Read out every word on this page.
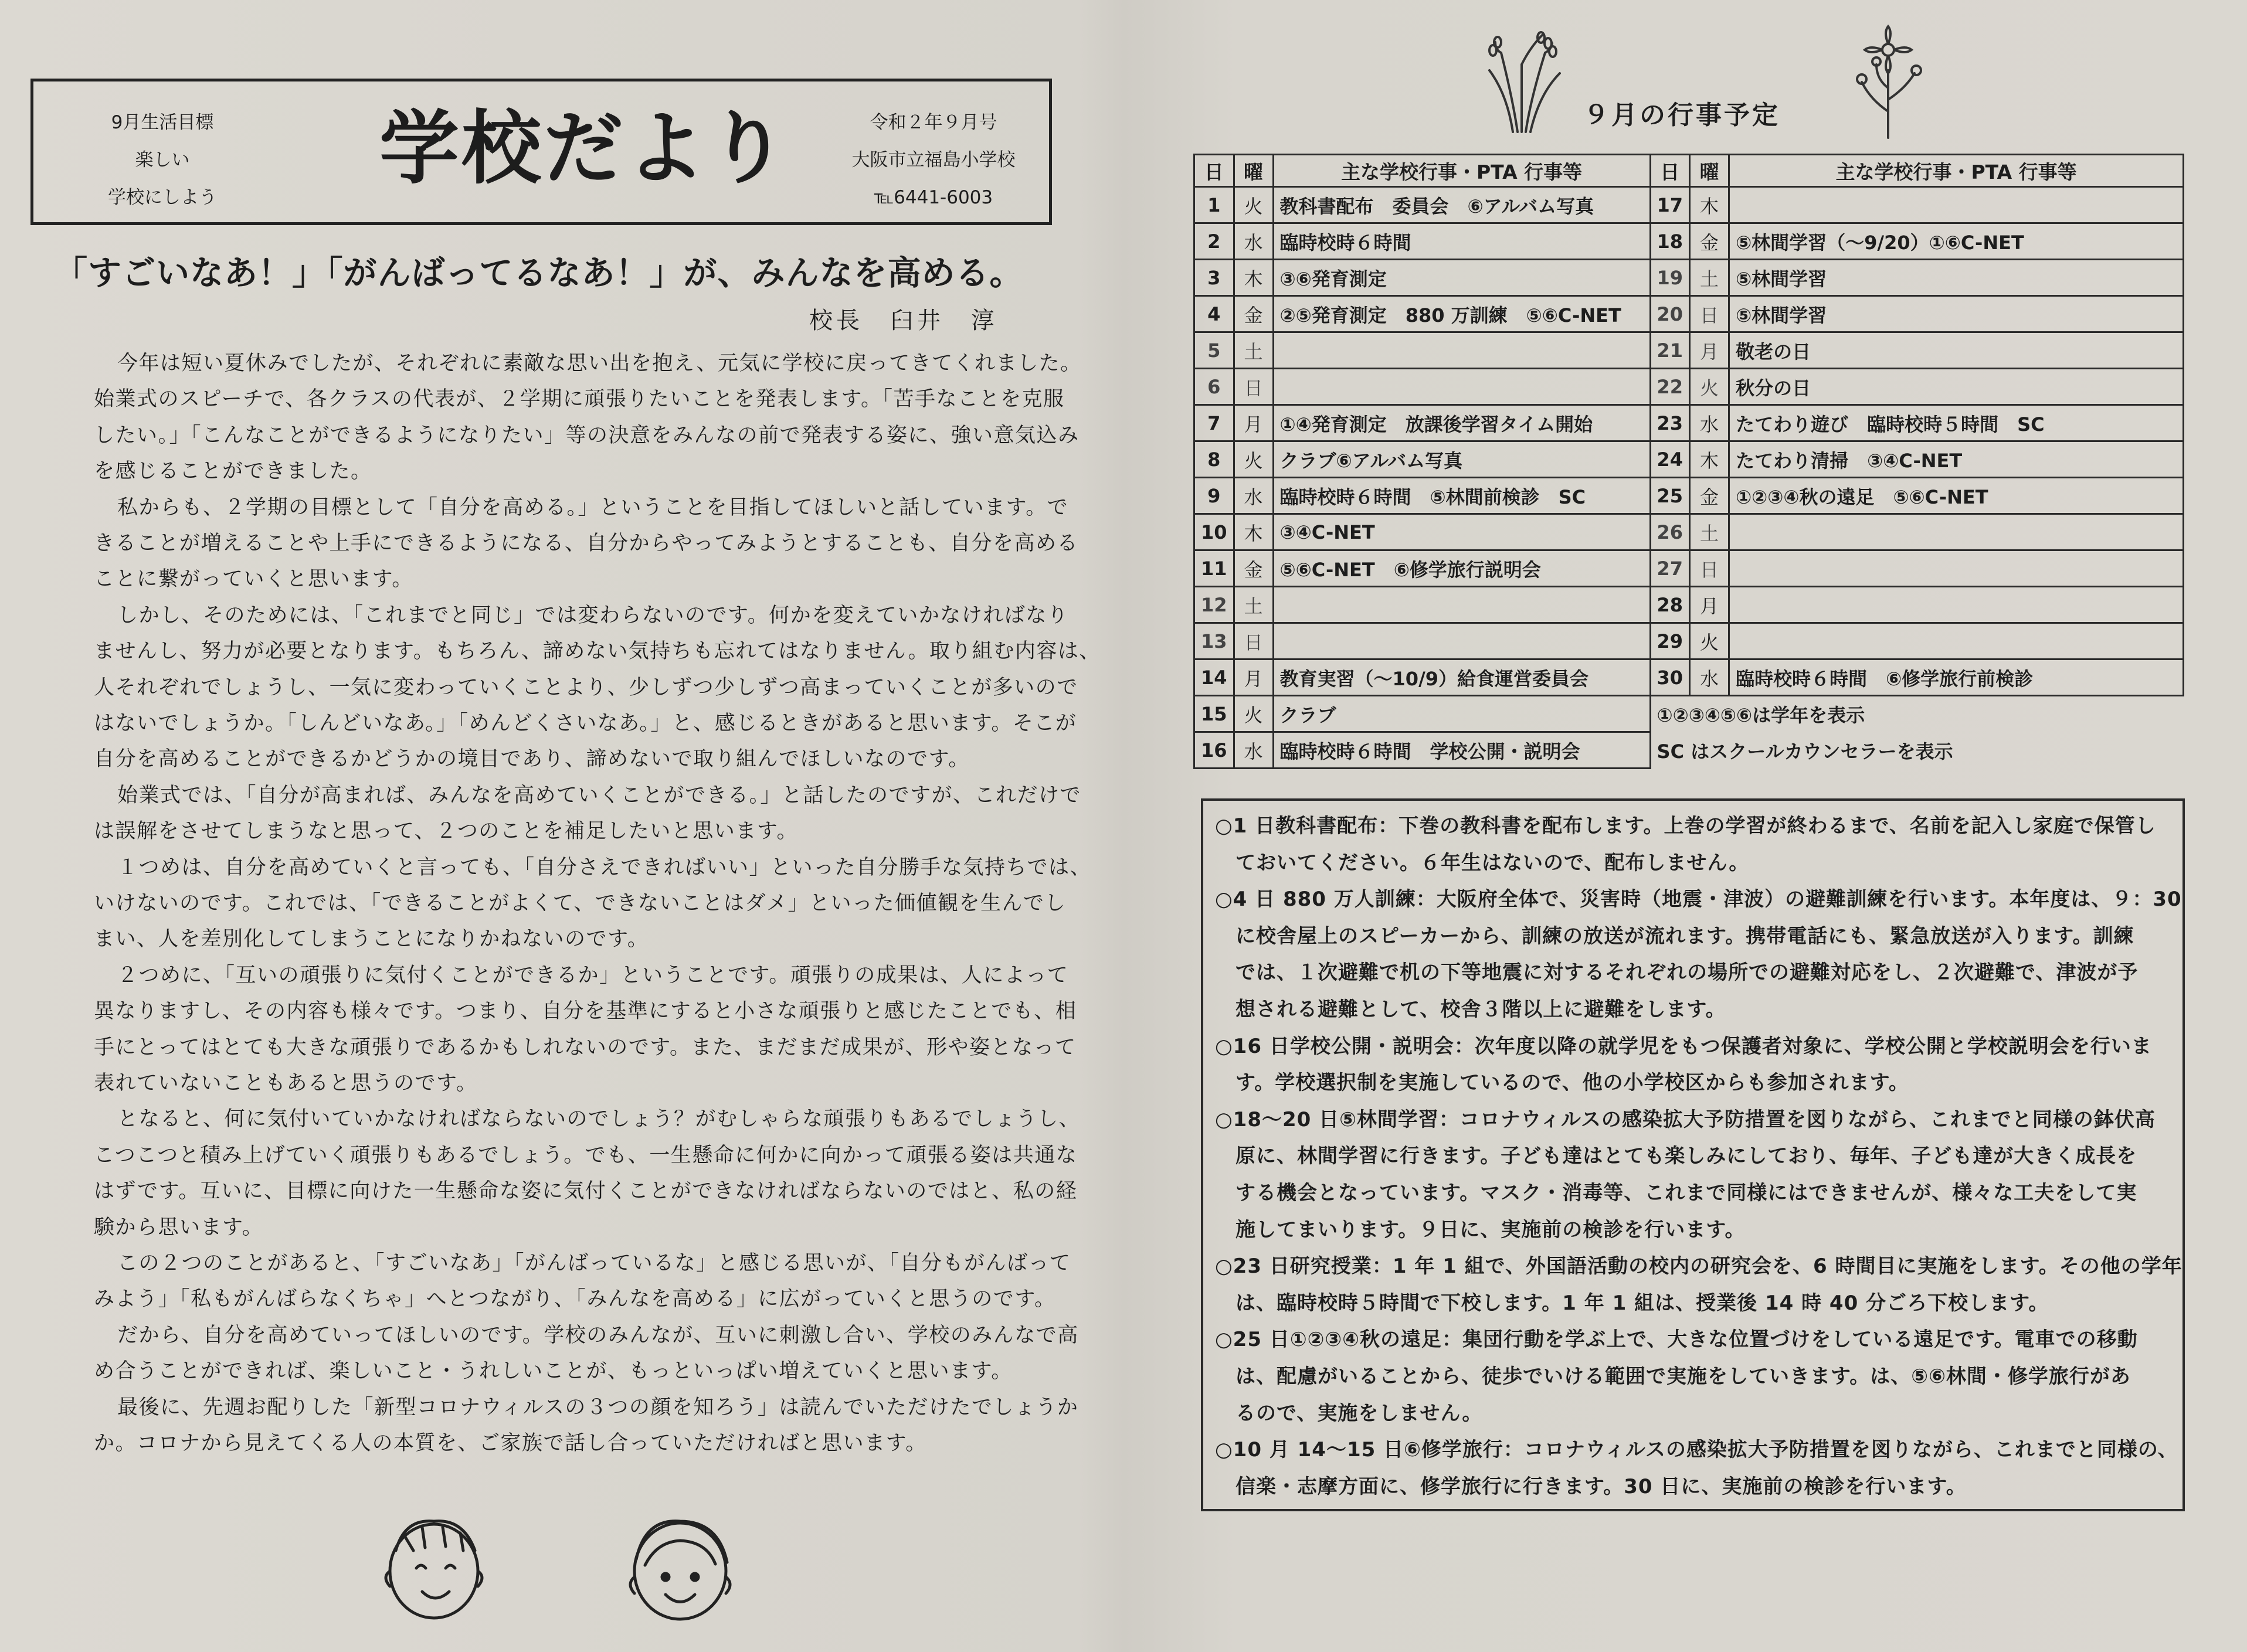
9月生活目標
楽しい
学校にしよう
学校だより	令和２年９月号
大阪市立福島小学校
℡6441-6003
「すごいなあ！」「がんばってるなあ！」が、みんなを高める。
校長　臼井　淳
今年は短い夏休みでしたが、それぞれに素敵な思い出を抱え、元気に学校に戻ってきてくれました。
始業式のスピーチで、各クラスの代表が、２学期に頑張りたいことを発表します。「苦手なことを克服
したい。」「こんなことができるようになりたい」等の決意をみんなの前で発表する姿に、強い意気込み
を感じることができました。
私からも、２学期の目標として「自分を高める。」ということを目指してほしいと話しています。で
きることが増えることや上手にできるようになる、自分からやってみようとすることも、自分を高める
ことに繋がっていくと思います。
しかし、そのためには、「これまでと同じ」では変わらないのです。何かを変えていかなければなり
ませんし、努力が必要となります。もちろん、諦めない気持ちも忘れてはなりません。取り組む内容は、
人それぞれでしょうし、一気に変わっていくことより、少しずつ少しずつ高まっていくことが多いので
はないでしょうか。「しんどいなあ。」「めんどくさいなあ。」と、感じるときがあると思います。そこが
自分を高めることができるかどうかの境目であり、諦めないで取り組んでほしいなのです。
始業式では、「自分が高まれば、みんなを高めていくことができる。」と話したのですが、これだけで
は誤解をさせてしまうなと思って、２つのことを補足したいと思います。
１つめは、自分を高めていくと言っても、「自分さえできればいい」といった自分勝手な気持ちでは、
いけないのです。これでは、「できることがよくて、できないことはダメ」といった価値観を生んでし
まい、人を差別化してしまうことになりかねないのです。
２つめに、「互いの頑張りに気付くことができるか」ということです。頑張りの成果は、人によって
異なりますし、その内容も様々です。つまり、自分を基準にすると小さな頑張りと感じたことでも、相
手にとってはとても大きな頑張りであるかもしれないのです。また、まだまだ成果が、形や姿となって
表れていないこともあると思うのです。
となると、何に気付いていかなければならないのでしょう？がむしゃらな頑張りもあるでしょうし、
こつこつと積み上げていく頑張りもあるでしょう。でも、一生懸命に何かに向かって頑張る姿は共通な
はずです。互いに、目標に向けた一生懸命な姿に気付くことができなければならないのではと、私の経
験から思います。
この２つのことがあると、「すごいなあ」「がんばっているな」と感じる思いが、「自分もがんばって
みよう」「私もがんばらなくちゃ」へとつながり、「みんなを高める」に広がっていくと思うのです。
だから、自分を高めていってほしいのです。学校のみんなが、互いに刺激し合い、学校のみんなで高
め合うことができれば、楽しいこと・うれしいことが、もっといっぱい増えていくと思います。
最後に、先週お配りした「新型コロナウィルスの３つの顔を知ろう」は読んでいただけたでしょうか
か。コロナから見えてくる人の本質を、ご家族で話し合っていただければと思います。
９月の行事予定
日	曜	主な学校行事・PTA 行事等	日	曜	主な学校行事・PTA 行事等
1	火	教科書配布　委員会　⑥アルバム写真	17	木	
2	水	臨時校時６時間	18	金	⑤林間学習（～9/20）①⑥C-NET
3	木	③⑥発育測定	19	土	⑤林間学習
4	金	②⑤発育測定　880 万訓練　⑤⑥C-NET	20	日	⑤林間学習
5	土		21	月	敬老の日
6	日		22	火	秋分の日
7	月	①④発育測定　放課後学習タイム開始	23	水	たてわり遊び　臨時校時５時間　SC
8	火	クラブ⑥アルバム写真	24	木	たてわり清掃　③④C-NET
9	水	臨時校時６時間　⑤林間前検診　SC	25	金	①②③④秋の遠足　⑤⑥C-NET
10	木	③④C-NET	26	土	
11	金	⑤⑥C-NET　⑥修学旅行説明会	27	日	
12	土		28	月	
13	日		29	火	
14	月	教育実習（～10/9）給食運営委員会	30	水	臨時校時６時間　⑥修学旅行前検診
15	火	クラブ	①②③④⑤⑥は学年を表示		
16	水	臨時校時６時間　学校公開・説明会	SC はスクールカウンセラーを表示		
○1 日教科書配布：下巻の教科書を配布します。上巻の学習が終わるまで、名前を記入し家庭で保管し
　ておいてください。６年生はないので、配布しません。
○4 日 880 万人訓練：大阪府全体で、災害時（地震・津波）の避難訓練を行います。本年度は、９：30
　に校舎屋上のスピーカーから、訓練の放送が流れます。携帯電話にも、緊急放送が入ります。訓練
　では、１次避難で机の下等地震に対するそれぞれの場所での避難対応をし、２次避難で、津波が予
　想される避難として、校舎３階以上に避難をします。
○16 日学校公開・説明会：次年度以降の就学児をもつ保護者対象に、学校公開と学校説明会を行いま
　す。学校選択制を実施しているので、他の小学校区からも参加されます。
○18～20 日⑤林間学習：コロナウィルスの感染拡大予防措置を図りながら、これまでと同様の鉢伏高
　原に、林間学習に行きます。子ども達はとても楽しみにしており、毎年、子ども達が大きく成長を
　する機会となっています。マスク・消毒等、これまで同様にはできませんが、様々な工夫をして実
　施してまいります。９日に、実施前の検診を行います。
○23 日研究授業：1 年 1 組で、外国語活動の校内の研究会を、6 時間目に実施をします。その他の学年
　は、臨時校時５時間で下校します。1 年 1 組は、授業後 14 時 40 分ごろ下校します。
○25 日①②③④秋の遠足：集団行動を学ぶ上で、大きな位置づけをしている遠足です。電車での移動
　は、配慮がいることから、徒歩でいける範囲で実施をしていきます。は、⑤⑥林間・修学旅行があ
　るので、実施をしません。
○10 月 14～15 日⑥修学旅行：コロナウィルスの感染拡大予防措置を図りながら、これまでと同様の、
　信楽・志摩方面に、修学旅行に行きます。30 日に、実施前の検診を行います。
